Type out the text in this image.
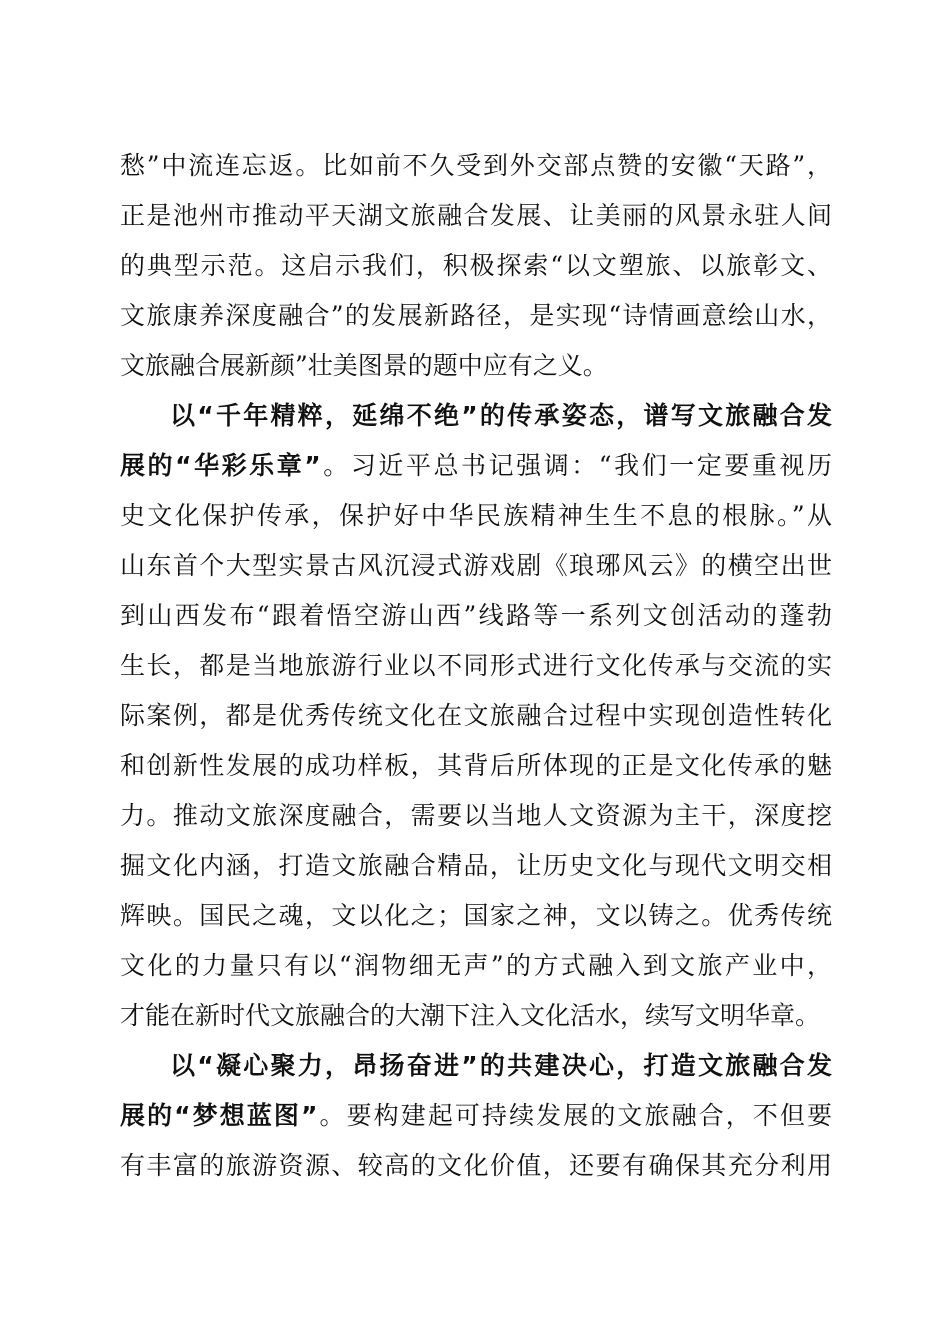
愁”中流连忘返。比如前不久受到外交部点赞的安徽“天路”，
正是池州市推动平天湖文旅融合发展、让美丽的风景永驻人间
的典型示范。这启示我们，积极探索“以文塑旅、以旅彰文、
文旅康养深度融合”的发展新路径，是实现“诗情画意绘山水，
文旅融合展新颜”壮美图景的题中应有之义。
以“千年精粹，延绵不绝”的传承姿态，谱写文旅融合发
展的“华彩乐章”。习近平总书记强调：“我们一定要重视历
史文化保护传承，保护好中华民族精神生生不息的根脉。”从
山东首个大型实景古风沉浸式游戏剧《琅琊风云》的横空出世
到山西发布“跟着悟空游山西”线路等一系列文创活动的蓬勃
生长，都是当地旅游行业以不同形式进行文化传承与交流的实
际案例，都是优秀传统文化在文旅融合过程中实现创造性转化
和创新性发展的成功样板，其背后所体现的正是文化传承的魅
力。推动文旅深度融合，需要以当地人文资源为主干，深度挖
掘文化内涵，打造文旅融合精品，让历史文化与现代文明交相
辉映。国民之魂，文以化之；国家之神，文以铸之。优秀传统
文化的力量只有以“润物细无声”的方式融入到文旅产业中，
才能在新时代文旅融合的大潮下注入文化活水，续写文明华章。
以“凝心聚力，昂扬奋进”的共建决心，打造文旅融合发
展的“梦想蓝图”。要构建起可持续发展的文旅融合，不但要
有丰富的旅游资源、较高的文化价值，还要有确保其充分利用
